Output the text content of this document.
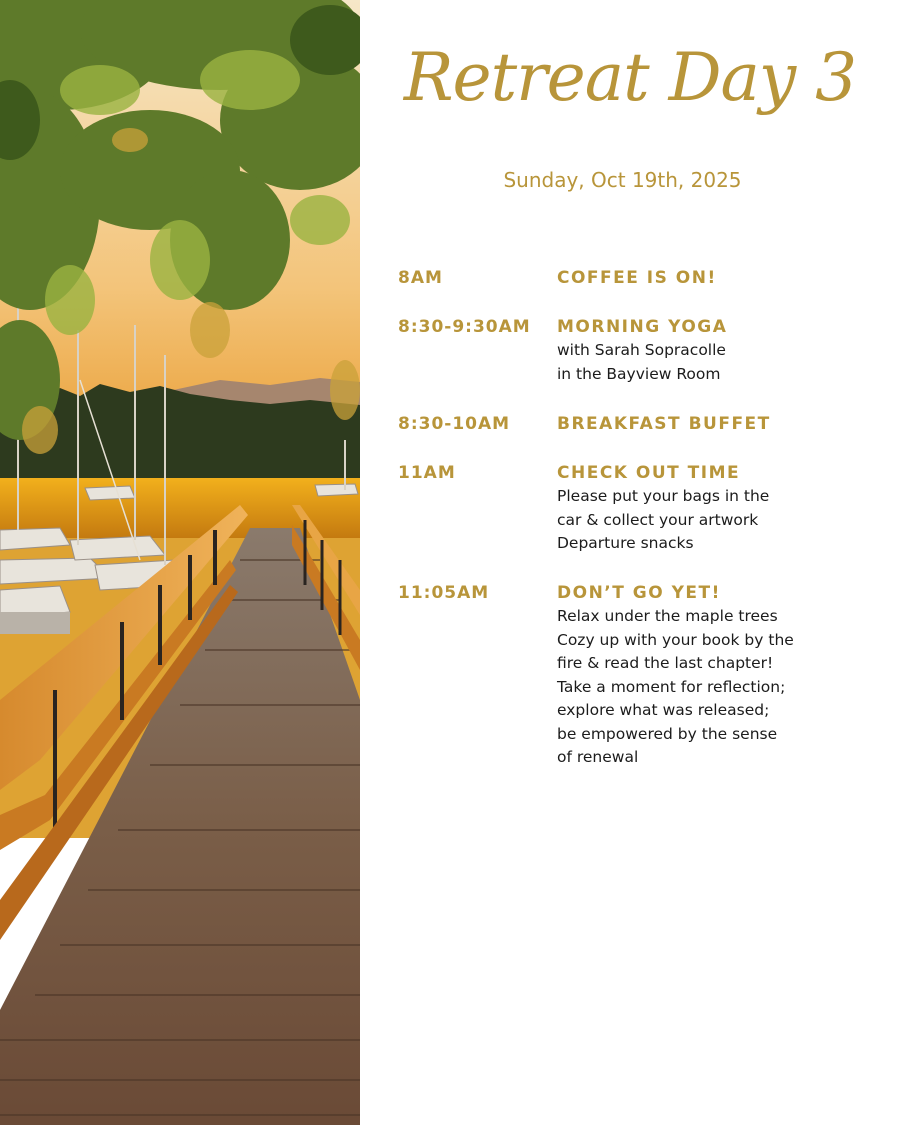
Retreat Day 3
Sunday, Oct 19th, 2025
8AM	COFFEE IS ON!
8:30-9:30AM	MORNING YOGA
with Sarah Sopracolle
in the Bayview Room
8:30-10AM	BREAKFAST BUFFET
11AM	CHECK OUT TIME
Please put your bags in the
car & collect your artwork
Departure snacks
11:05AM	DON’T GO YET!
Relax under the maple trees
Cozy up with your book by the
fire & read the last chapter!
Take a moment for reflection;
explore what was released;
be empowered by the sense
of renewal
